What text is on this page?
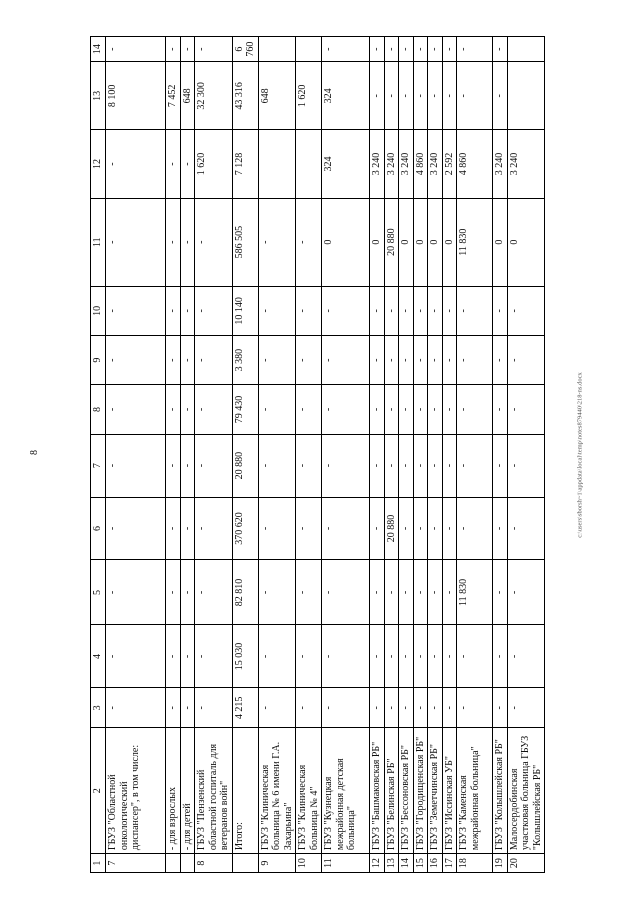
8
1	2	3	4	5	6	7	8	9	10	11	12	13	14
7	ГБУЗ "Областной онкологический диспансер", в том числе:	-	-	-	-	-	-	-	-	-	-	8 100	-
	- для взрослых	-	-	-	-	-	-	-	-	-	-	7 452	-
	- для детей	-	-	-	-	-	-	-	-	-	-	648	-
8	ГБУЗ "Пензенский областной госпиталь для ветеранов войн"	-	-	-	-	-	-	-	-	-	1 620	32 300	-
	Итого:	4 215	15 030	82 810	370 620	20 880	79 430	3 380	10 140	586 505	7 128	43 316	6 760
9	ГБУЗ "Клиническая больница № 6 имени Г.А. Захарьина"	-	-	-	-	-	-	-	-	-		648	
10	ГБУЗ "Клиническая больница № 4"	-	-	-	-	-	-	-	-	-		1 620	
11	ГБУЗ "Кузнецкая межрайонная детская больница"	-	-	-	-	-	-	-	-	0	324	324	-
12	ГБУЗ "Башмаковская РБ"	-	-	-	-	-	-	-	-	0	3 240	-	-
13	ГБУЗ "Белинская РБ"	-	-	-	20 880	-	-	-	-	20 880	3 240	-	-
14	ГБУЗ "Бессоновская РБ"	-	-	-	-	-	-	-	-	0	3 240	-	-
15	ГБУЗ "Городищенская РБ"	-	-	-	-	-	-	-	-	0	4 860	-	-
16	ГБУЗ "Земетчинская РБ"	-	-	-	-	-	-	-	-	0	3 240	-	-
17	ГБУЗ "Иссинская УБ"	-	-	-	-	-	-	-	-	0	2 592	-	-
18	ГБУЗ "Каменская межрайонная больница"	-	-	11 830	-	-	-	-	-	11 830	4 860	-	-
19	ГБУЗ "Колышлейская РБ"	-	-	-	-	-	-	-	-	0	3 240	-	-
20	Малосердобинская участковая больница ГБУЗ "Колышлейская РБ"	-	-	-	-	-	-	-	-	0	3 240		
c:\users\sborsh~1\appdata\local\temp\notes879440\218-ns.docx
